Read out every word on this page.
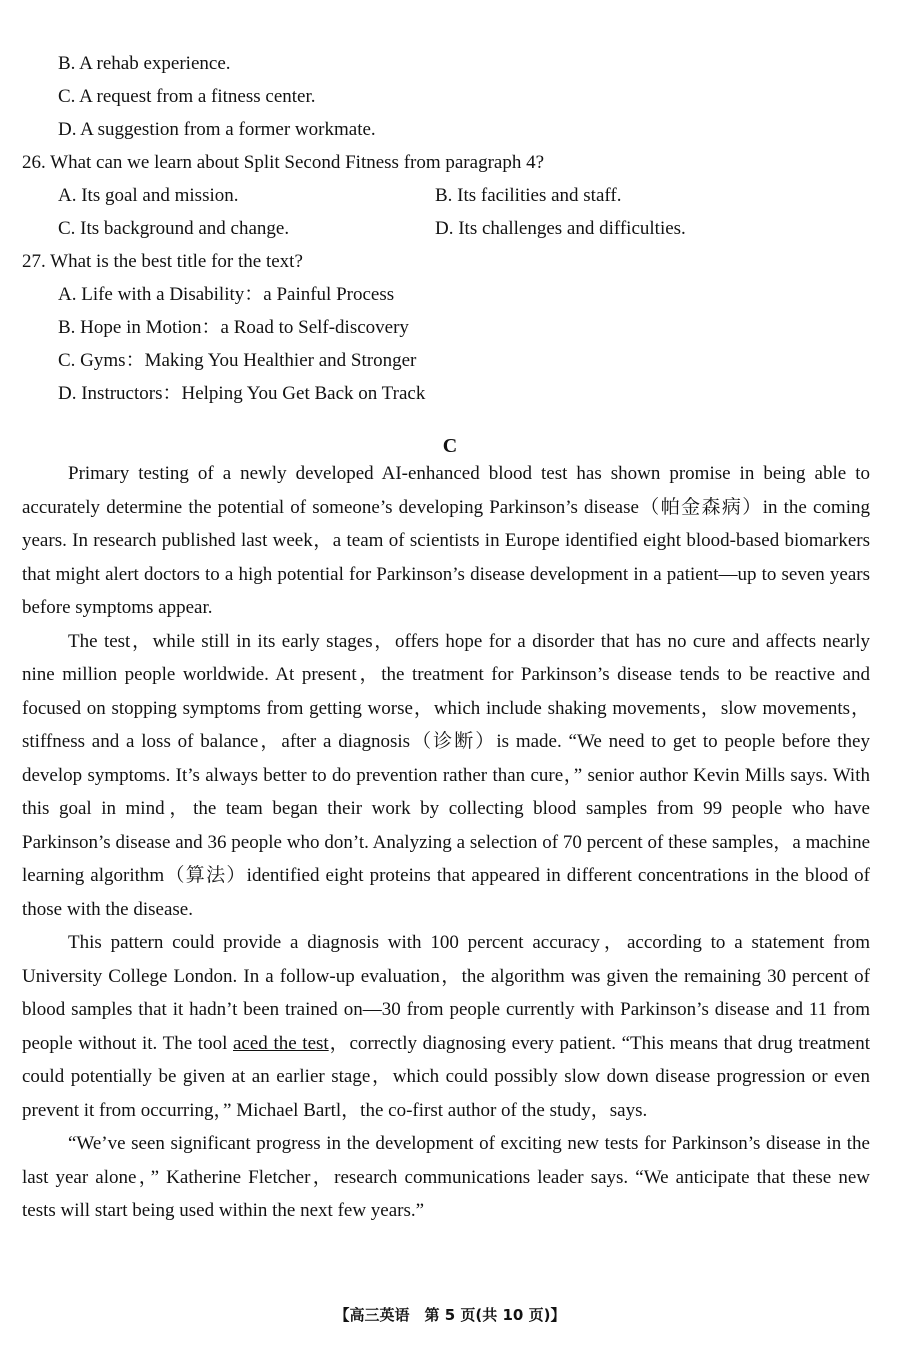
B. A rehab experience.
C. A request from a fitness center.
D. A suggestion from a former workmate.
26. What can we learn about Split Second Fitness from paragraph 4?
A. Its goal and mission.	B. Its facilities and staff.
C. Its background and change.	D. Its challenges and difficulties.
27. What is the best title for the text?
A. Life with a Disability：a Painful Process
B. Hope in Motion：a Road to Self-discovery
C. Gyms：Making You Healthier and Stronger
D. Instructors：Helping You Get Back on Track
C

Primary testing of a newly developed AI-enhanced blood test has shown promise in being able to accurately determine the potential of someone’s developing Parkinson’s disease（帕金森病）in the coming years. In research published last week，a team of scientists in Europe identified eight blood-based biomarkers that might alert doctors to a high potential for Parkinson’s disease development in a patient—up to seven years before symptoms appear.

The test，while still in its early stages，offers hope for a disorder that has no cure and affects nearly nine million people worldwide. At present，the treatment for Parkinson’s disease tends to be reactive and focused on stopping symptoms from getting worse，which include shaking movements，slow movements，stiffness and a loss of balance，after a diagnosis（诊断）is made. “We need to get to people before they develop symptoms. It’s always better to do prevention rather than cure，” senior author Kevin Mills says. With this goal in mind，the team began their work by collecting blood samples from 99 people who have Parkinson’s disease and 36 people who don’t. Analyzing a selection of 70 percent of these samples，a machine learning algorithm（算法）identified eight proteins that appeared in different concentrations in the blood of those with the disease.

This pattern could provide a diagnosis with 100 percent accuracy，according to a statement from University College London. In a follow-up evaluation，the algorithm was given the remaining 30 percent of blood samples that it hadn’t been trained on—30 from people currently with Parkinson’s disease and 11 from people without it. The tool aced the test，correctly diagnosing every patient. “This means that drug treatment could potentially be given at an earlier stage，which could possibly slow down disease progression or even prevent it from occurring，” Michael Bartl，the co-first author of the study，says.

“We’ve seen significant progress in the development of exciting new tests for Parkinson’s disease in the last year alone，” Katherine Fletcher，research communications leader says. “We anticipate that these new tests will start being used within the next few years.”

【高三英语　第 5 页(共 10 页)】
